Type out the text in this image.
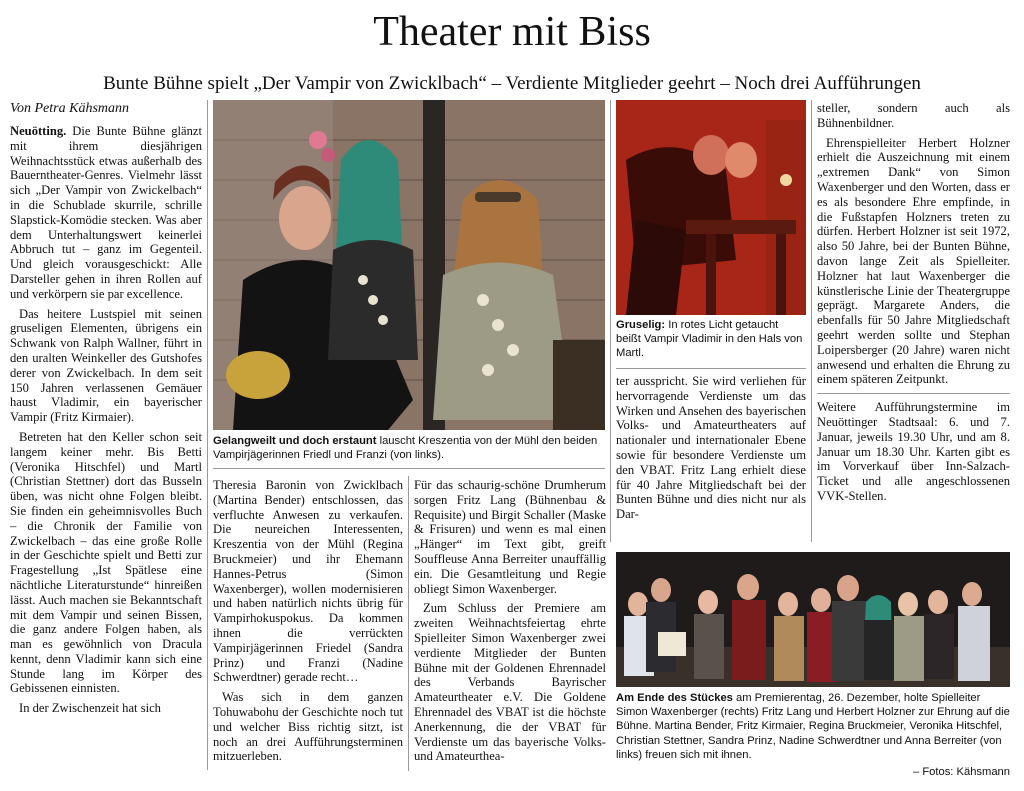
Theater mit Biss
Bunte Bühne spielt „Der Vampir von Zwicklbach“ – Verdiente Mitglieder geehrt – Noch drei Aufführungen
Von Petra Kähsmann

Neuötting. Die Bunte Bühne glänzt mit ihrem diesjährigen Weihnachtsstück etwas außerhalb des Bauerntheater-Genres. Vielmehr lässt sich „Der Vampir von Zwickelbach“ in die Schublade skurrile, schrille Slapstick-Komödie stecken. Was aber dem Unterhaltungswert keinerlei Abbruch tut – ganz im Gegenteil. Und gleich vorausgeschickt: Alle Darsteller gehen in ihren Rollen auf und verkörpern sie par excellence.

Das heitere Lustspiel mit seinen gruseligen Elementen, übrigens ein Schwank von Ralph Wallner, führt in den uralten Weinkeller des Gutshofes derer von Zwickelbach. In dem seit 150 Jahren verlassenen Gemäuer haust Vladimir, ein bayerischer Vampir (Fritz Kirmaier).

Betreten hat den Keller schon seit langem keiner mehr. Bis Betti (Veronika Hitschfel) und Martl (Christian Stettner) dort das Busseln üben, was nicht ohne Folgen bleibt. Sie finden ein geheimnisvolles Buch – die Chronik der Familie von Zwickelbach – das eine große Rolle in der Geschichte spielt und Betti zur Fragestellung „Ist Spätlese eine nächtliche Literaturstunde“ hinreißen lässt. Auch machen sie Bekanntschaft mit dem Vampir und seinen Bissen, die ganz andere Folgen haben, als man es gewöhnlich von Dracula kennt, denn Vladimir kann sich eine Stunde lang im Körper des Gebissenen einnisten.

In der Zwischenzeit hat sich

Gelangweilt und doch erstaunt lauscht Kreszentia von der Mühl den beiden Vampirjägerinnen Friedl und Franzi (von links).

Theresia Baronin von Zwicklbach (Martina Bender) entschlossen, das verfluchte Anwesen zu verkaufen. Die neureichen Interessenten, Kreszentia von der Mühl (Regina Bruckmeier) und ihr Ehemann Hannes-Petrus (Simon Waxenberger), wollen modernisieren und haben natürlich nichts übrig für Vampirhokuspokus. Da kommen ihnen die verrückten Vampirjägerinnen Friedel (Sandra Prinz) und Franzi (Nadine Schwerdtner) gerade recht…

Was sich in dem ganzen Tohuwabohu der Geschichte noch tut und welcher Biss richtig sitzt, ist noch an drei Aufführungsterminen mitzuerleben.

Für das schaurig-schöne Drumherum sorgen Fritz Lang (Bühnenbau & Requisite) und Birgit Schaller (Maske & Frisuren) und wenn es mal einen „Hänger“ im Text gibt, greift Souffleuse Anna Berreiter unauffällig ein. Die Gesamtleitung und Regie obliegt Simon Waxenberger.

Zum Schluss der Premiere am zweiten Weihnachtsfeiertag ehrte Spielleiter Simon Waxenberger zwei verdiente Mitglieder der Bunten Bühne mit der Goldenen Ehrennadel des Verbands Bayrischer Amateurtheater e.V. Die Goldene Ehrennadel des VBAT ist die höchste Anerkennung, die der VBAT für Verdienste um das bayerische Volks- und Amateurthea-

Gruselig: In rotes Licht getaucht beißt Vampir Vladimir in den Hals von Martl.

ter ausspricht. Sie wird verliehen für hervorragende Verdienste um das Wirken und Ansehen des bayerischen Volks- und Amateurtheaters auf nationaler und internationaler Ebene sowie für besondere Verdienste um den VBAT. Fritz Lang erhielt diese für 40 Jahre Mitgliedschaft bei der Bunten Bühne und dies nicht nur als Dar-

steller, sondern auch als Bühnenbildner.

Ehrenspielleiter Herbert Holzner erhielt die Auszeichnung mit einem „extremen Dank“ von Simon Waxenberger und den Worten, dass er es als besondere Ehre empfinde, in die Fußstapfen Holzners treten zu dürfen. Herbert Holzner ist seit 1972, also 50 Jahre, bei der Bunten Bühne, davon lange Zeit als Spielleiter. Holzner hat laut Waxenberger die künstlerische Linie der Theatergruppe geprägt. Margarete Anders, die ebenfalls für 50 Jahre Mitgliedschaft geehrt werden sollte und Stephan Loipersberger (20 Jahre) waren nicht anwesend und erhalten die Ehrung zu einem späteren Zeitpunkt.

Weitere Aufführungstermine im Neuöttinger Stadtsaal: 6. und 7. Januar, jeweils 19.30 Uhr, und am 8. Januar um 18.30 Uhr. Karten gibt es im Vorverkauf über Inn-Salzach-Ticket und alle angeschlossenen VVK-Stellen.

Am Ende des Stückes am Premierentag, 26. Dezember, holte Spielleiter Simon Waxenberger (rechts) Fritz Lang und Herbert Holzner zur Ehrung auf die Bühne. Martina Bender, Fritz Kirmaier, Regina Bruckmeier, Veronika Hitschfel, Christian Stettner, Sandra Prinz, Nadine Schwerdtner und Anna Berreiter (von links) freuen sich mit ihnen.
– Fotos: Kähsmann
